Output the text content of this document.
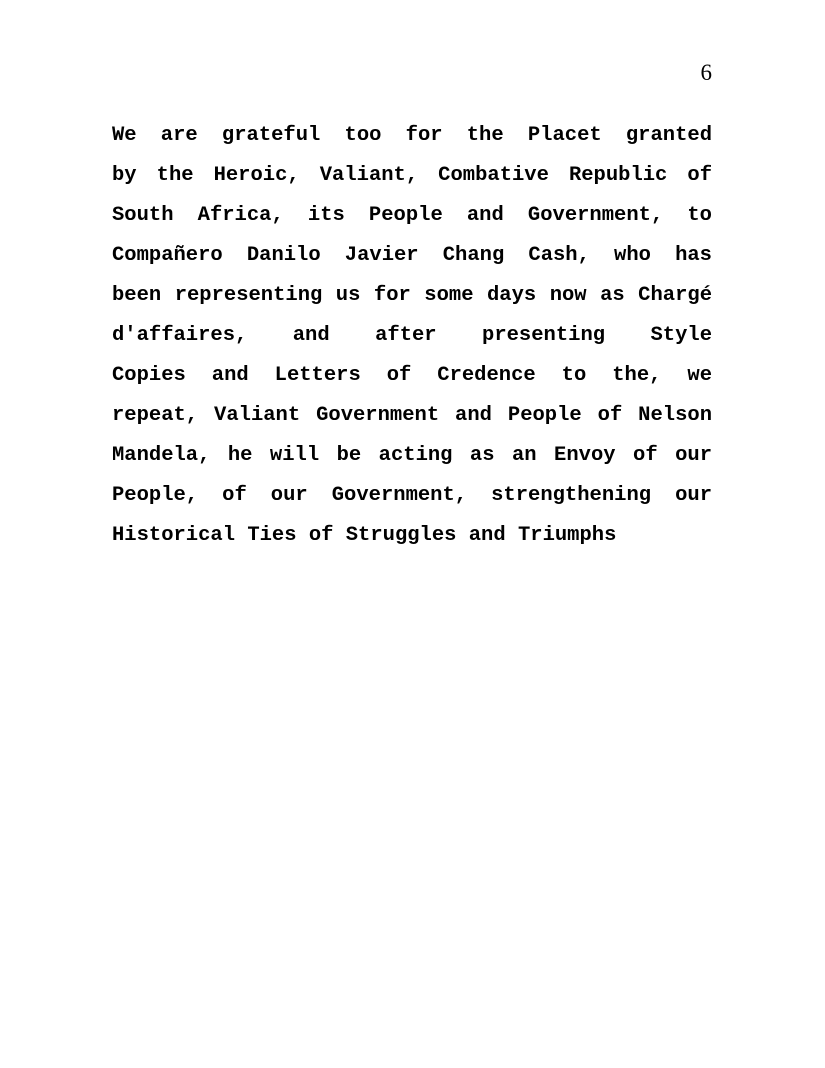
6
We are grateful too for the Placet granted
by the Heroic, Valiant, Combative Republic of
South Africa, its People and Government, to
Compañero Danilo Javier Chang Cash, who has
been representing us for some days now as Chargé
d'affaires, and after presenting Style
Copies and Letters of Credence to the, we
repeat, Valiant Government and People of Nelson
Mandela, he will be acting as an Envoy of our
People, of our Government, strengthening our
Historical Ties of Struggles and Triumphs
